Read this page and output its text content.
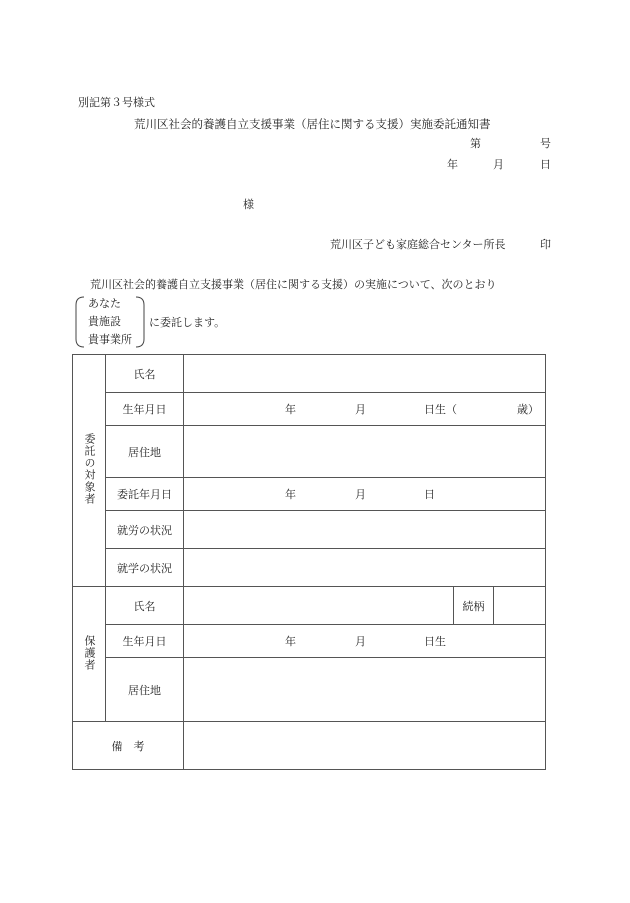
別記第３号様式
荒川区社会的養護自立支援事業（居住に関する支援）実施委託通知書
第	号
年	月	日
様
荒川区子ども家庭総合センター所長	印
荒川区社会的養護自立支援事業（居住に関する支援）の実施について、次のとおり
あなた
貴施設
貴事業所
に委託します。
委託の対象者	氏名			
	生年月日	年 月 日生（ 歳）		

	居住地			
	委託年月日	年 月 日		

	就労の状況			
	就学の状況			
保護者	氏名		続柄	
	生年月日	年 月 日生		

	居住地			
備　考				
